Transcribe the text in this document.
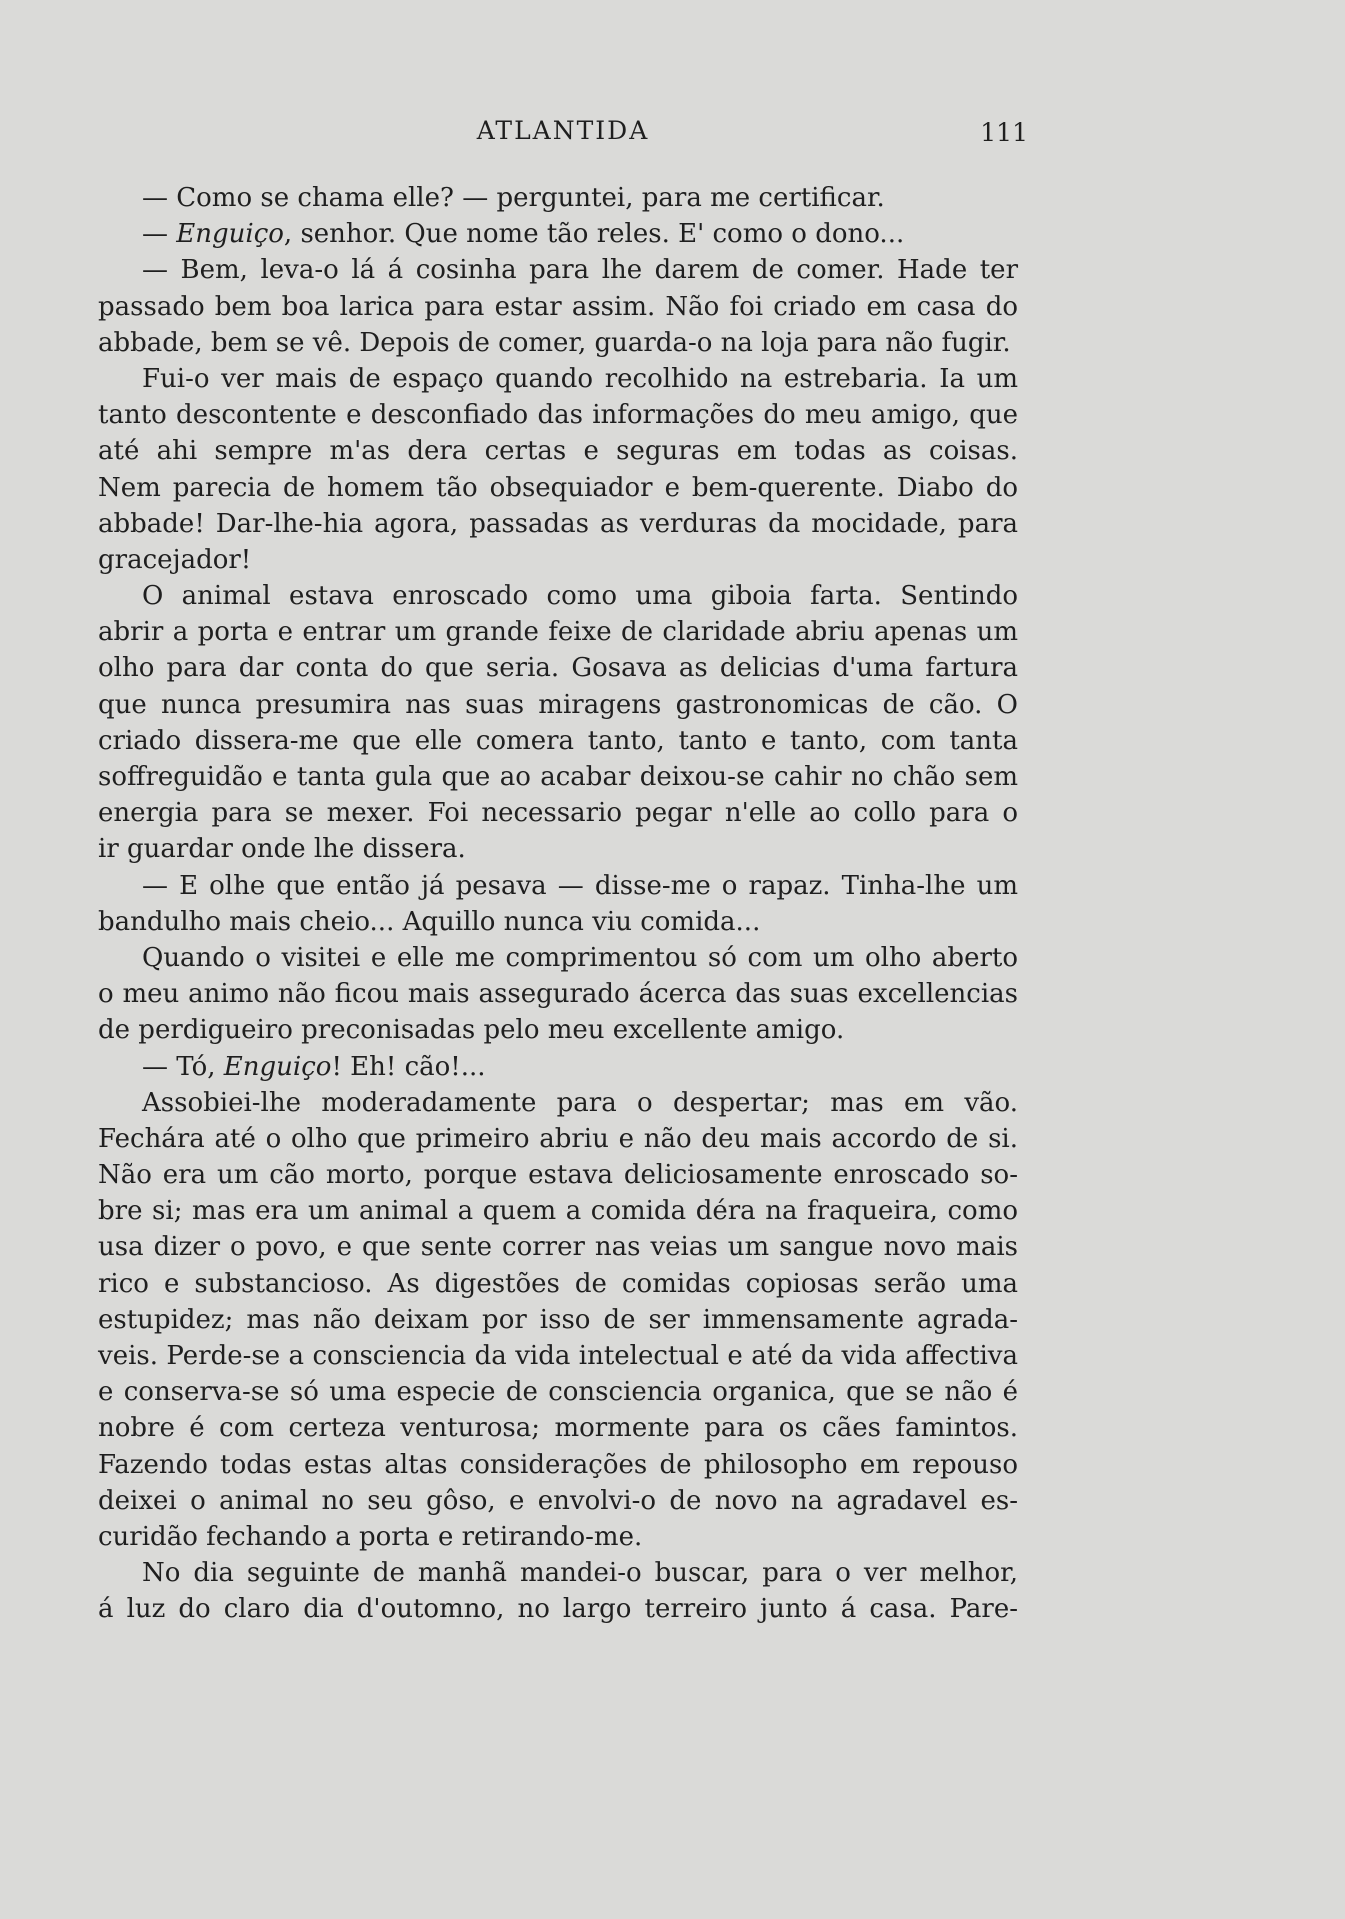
ATLANTIDA	111
— Como se chama elle? — perguntei, para me certificar.
— Enguiço, senhor. Que nome tão reles. E' como o dono...
— Bem, leva-o lá á cosinha para lhe darem de comer. Hade ter
passado bem boa larica para estar assim. Não foi criado em casa do
abbade, bem se vê. Depois de comer, guarda-o na loja para não fugir.
Fui-o ver mais de espaço quando recolhido na estrebaria. Ia um
tanto descontente e desconfiado das informações do meu amigo, que
até ahi sempre m'as dera certas e seguras em todas as coisas.
Nem parecia de homem tão obsequiador e bem-querente. Diabo do
abbade! Dar-lhe-hia agora, passadas as verduras da mocidade, para
gracejador!
O animal estava enroscado como uma giboia farta. Sentindo
abrir a porta e entrar um grande feixe de claridade abriu apenas um
olho para dar conta do que seria. Gosava as delicias d'uma fartura
que nunca presumira nas suas miragens gastronomicas de cão. O
criado dissera-me que elle comera tanto, tanto e tanto, com tanta
soffreguidão e tanta gula que ao acabar deixou-se cahir no chão sem
energia para se mexer. Foi necessario pegar n'elle ao collo para o
ir guardar onde lhe dissera.
— E olhe que então já pesava — disse-me o rapaz. Tinha-lhe um
bandulho mais cheio... Aquillo nunca viu comida...
Quando o visitei e elle me comprimentou só com um olho aberto
o meu animo não ficou mais assegurado ácerca das suas excellencias
de perdigueiro preconisadas pelo meu excellente amigo.
— Tó, Enguiço! Eh! cão!...
Assobiei-lhe moderadamente para o despertar; mas em vão.
Fechára até o olho que primeiro abriu e não deu mais accordo de si.
Não era um cão morto, porque estava deliciosamente enroscado so-
bre si; mas era um animal a quem a comida déra na fraqueira, como
usa dizer o povo, e que sente correr nas veias um sangue novo mais
rico e substancioso. As digestões de comidas copiosas serão uma
estupidez; mas não deixam por isso de ser immensamente agrada-
veis. Perde-se a consciencia da vida intelectual e até da vida affectiva
e conserva-se só uma especie de consciencia organica, que se não é
nobre é com certeza venturosa; mormente para os cães famintos.
Fazendo todas estas altas considerações de philosopho em repouso
deixei o animal no seu gôso, e envolvi-o de novo na agradavel es-
curidão fechando a porta e retirando-me.
No dia seguinte de manhã mandei-o buscar, para o ver melhor,
á luz do claro dia d'outomno, no largo terreiro junto á casa. Pare-
